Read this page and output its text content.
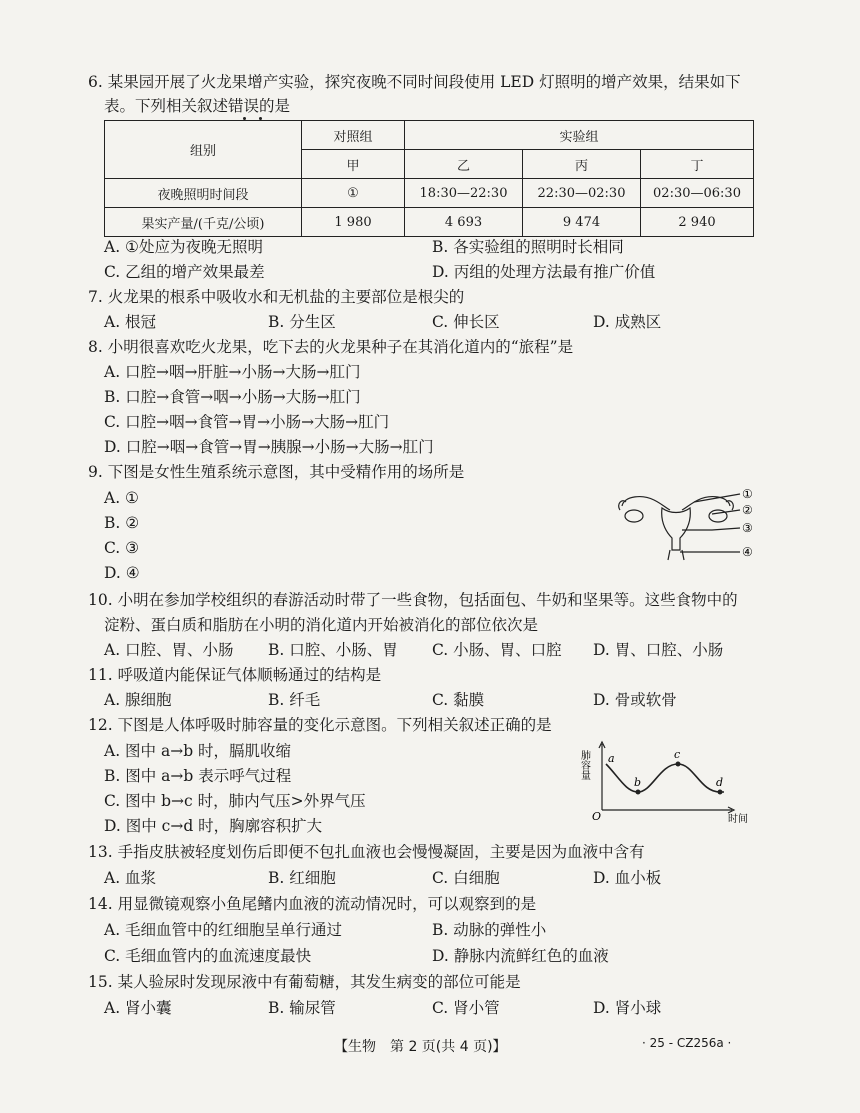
6. 某果园开展了火龙果增产实验，探究夜晚不同时间段使用 LED 灯照明的增产效果，结果如下
表。下列相关叙述错误的是
组别	对照组	实验组		
	甲	乙	丙	丁
夜晚照明时间段	①	18:30—22:30	22:30—02:30	02:30—06:30
果实产量/(千克/公顷)	1 980	4 693	9 474	2 940
A. ①处应为夜晚无照明	B. 各实验组的照明时长相同
C. 乙组的增产效果最差	D. 丙组的处理方法最有推广价值
7. 火龙果的根系中吸收水和无机盐的主要部位是根尖的
A. 根冠	B. 分生区	C. 伸长区	D. 成熟区
8. 小明很喜欢吃火龙果，吃下去的火龙果种子在其消化道内的“旅程”是
A. 口腔→咽→肝脏→小肠→大肠→肛门
B. 口腔→食管→咽→小肠→大肠→肛门
C. 口腔→咽→食管→胃→小肠→大肠→肛门
D. 口腔→咽→食管→胃→胰腺→小肠→大肠→肛门
9. 下图是女性生殖系统示意图，其中受精作用的场所是
A. ①
B. ②
C. ③
D. ④
①
②
③
④
10. 小明在参加学校组织的春游活动时带了一些食物，包括面包、牛奶和坚果等。这些食物中的
淀粉、蛋白质和脂肪在小明的消化道内开始被消化的部位依次是
A. 口腔、胃、小肠 B. 口腔、小肠、胃 C. 小肠、胃、口腔 D. 胃、口腔、小肠
11. 呼吸道内能保证气体顺畅通过的结构是
A. 腺细胞	B. 纤毛	C. 黏膜	D. 骨或软骨
12. 下图是人体呼吸时肺容量的变化示意图。下列相关叙述正确的是
A. 图中 a→b 时，膈肌收缩
B. 图中 a→b 表示呼气过程
C. 图中 b→c 时，肺内气压>外界气压
D. 图中 c→d 时，胸廓容积扩大
肺容量
时间
O
a
b
c
d
13. 手指皮肤被轻度划伤后即便不包扎血液也会慢慢凝固，主要是因为血液中含有
A. 血浆	B. 红细胞	C. 白细胞	D. 血小板
14. 用显微镜观察小鱼尾鳍内血液的流动情况时，可以观察到的是
A. 毛细血管中的红细胞呈单行通过	B. 动脉的弹性小
C. 毛细血管内的血流速度最快	D. 静脉内流鲜红色的血液
15. 某人验尿时发现尿液中有葡萄糖，其发生病变的部位可能是
A. 肾小囊	B. 输尿管	C. 肾小管	D. 肾小球
【生物　第 2 页(共 4 页)】	· 25 - CZ256a ·
